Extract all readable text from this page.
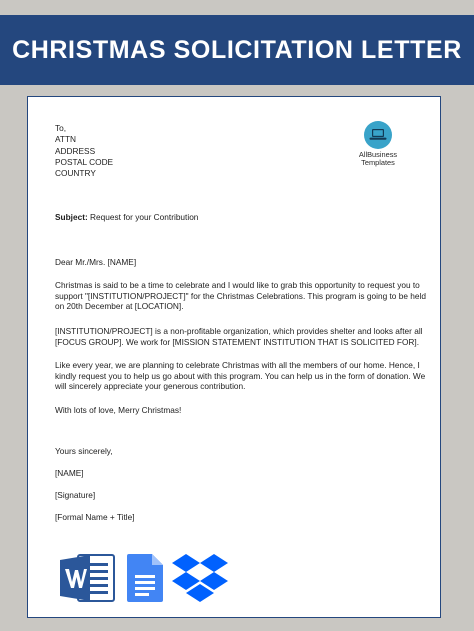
CHRISTMAS SOLICITATION LETTER
AllBusiness
Templates
To,
ATTN
ADDRESS
POSTAL CODE
COUNTRY
Subject: Request for your Contribution
Dear Mr./Mrs. [NAME]
Christmas is said to be a time to celebrate and I would like to grab this opportunity to request you to support "[INSTITUTION/PROJECT]" for the Christmas Celebrations. This program is going to be held on 20th December at [LOCATION].
[INSTITUTION/PROJECT] is a non-profitable organization, which provides shelter and looks after all [FOCUS GROUP]. We work for [MISSION STATEMENT INSTITUTION THAT IS SOLICITED FOR].
Like every year, we are planning to celebrate Christmas with all the members of our home. Hence, I kindly request you to help us go about with this program. You can help us in the form of donation. We will sincerely appreciate your generous contribution.
With lots of love, Merry Christmas!
Yours sincerely,
[NAME]
[Signature]
[Formal Name + Title]
